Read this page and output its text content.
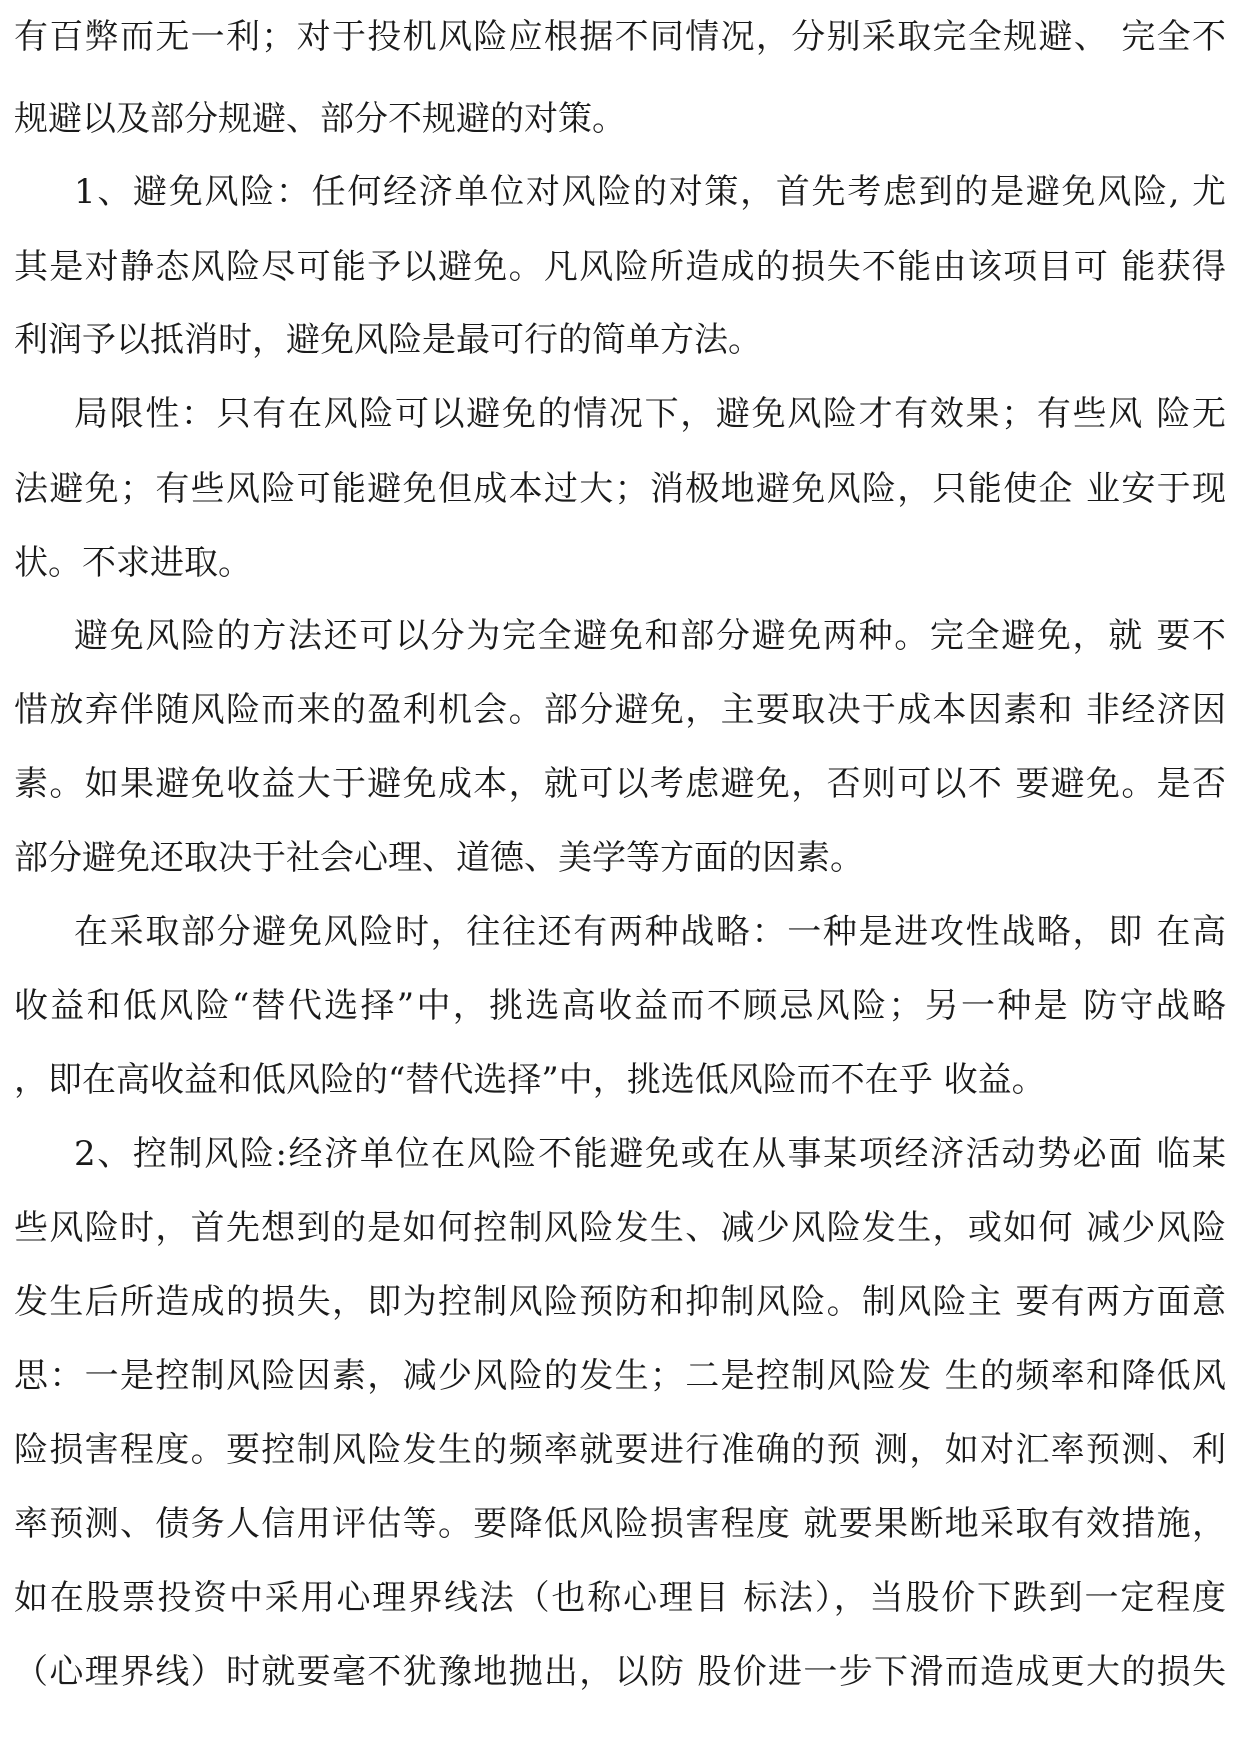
有百弊而无一利；对于投机风险应根据不同情况，分别采取完全规避、 完全不
规避以及部分规避、部分不规避的对策。
1、避免风险：任何经济单位对风险的对策，首先考虑到的是避免风险, 尤
其是对静态风险尽可能予以避免。凡风险所造成的损失不能由该项目可 能获得
利润予以抵消时，避免风险是最可行的简单方法。
局限性：只有在风险可以避免的情况下，避免风险才有效果；有些风 险无
法避免；有些风险可能避免但成本过大；消极地避免风险，只能使企 业安于现
状。不求进取。
避免风险的方法还可以分为完全避免和部分避免两种。完全避免，就 要不
惜放弃伴随风险而来的盈利机会。部分避免，主要取决于成本因素和 非经济因
素。如果避免收益大于避免成本，就可以考虑避免，否则可以不 要避免。是否
部分避免还取决于社会心理、道德、美学等方面的因素。
在采取部分避免风险时，往往还有两种战略：一种是进攻性战略，即 在高
收益和低风险“替代选择”中，挑选高收益而不顾忌风险；另一种是 防守战略
，即在高收益和低风险的“替代选择”中，挑选低风险而不在乎 收益。
2、控制风险:经济单位在风险不能避免或在从事某项经济活动势必面 临某
些风险时，首先想到的是如何控制风险发生、减少风险发生，或如何 减少风险
发生后所造成的损失，即为控制风险预防和抑制风险。制风险主 要有两方面意
思：一是控制风险因素，减少风险的发生；二是控制风险发 生的频率和降低风
险损害程度。要控制风险发生的频率就要进行准确的预 测，如对汇率预测、利
率预测、债务人信用评估等。要降低风险损害程度 就要果断地采取有效措施，
如在股票投资中采用心理界线法（也称心理目 标法），当股价下跌到一定程度
（心理界线）时就要毫不犹豫地抛出，以防 股价进一步下滑而造成更大的损失
